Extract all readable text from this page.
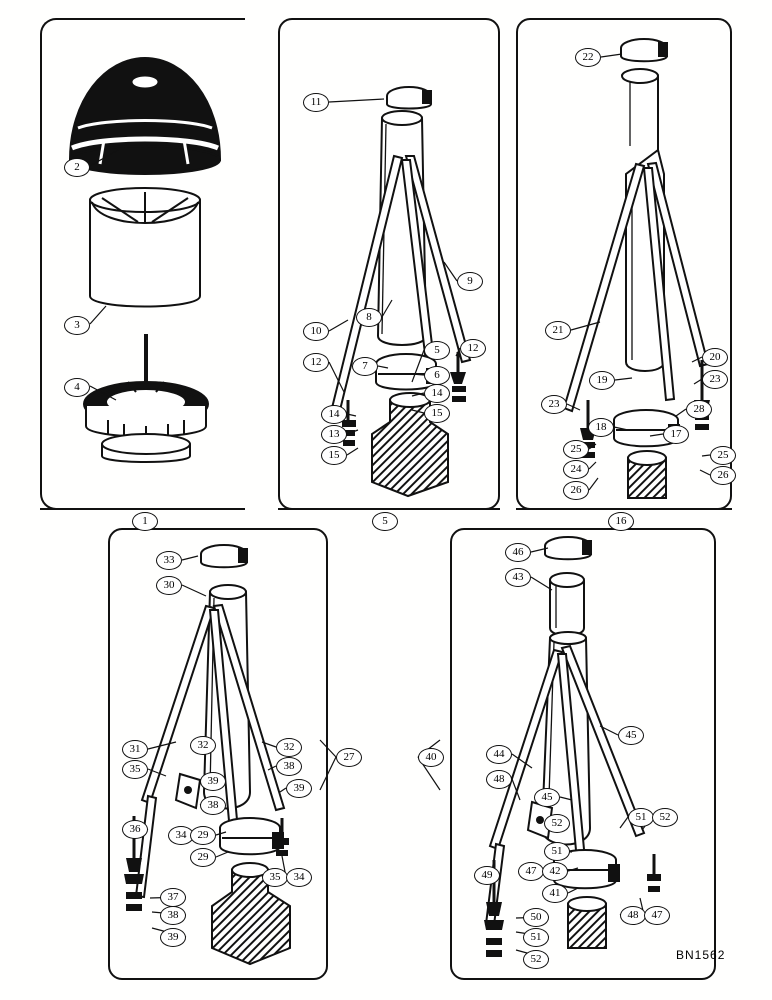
2
3
4
11
10
12
8
9
12
7
6
5
14
15
14
13
15
22
21
19
23
20
23
28
18
17
25
24
26
25
26
33
30
31	32	32
35
39
38
38
39
36	34	29
29
37
38
39
35	34
27	40
46
43
44
45
48
45
52
51
51	52
49	47	42
41
50
51
52
48	47
1	5	16
BN1562
